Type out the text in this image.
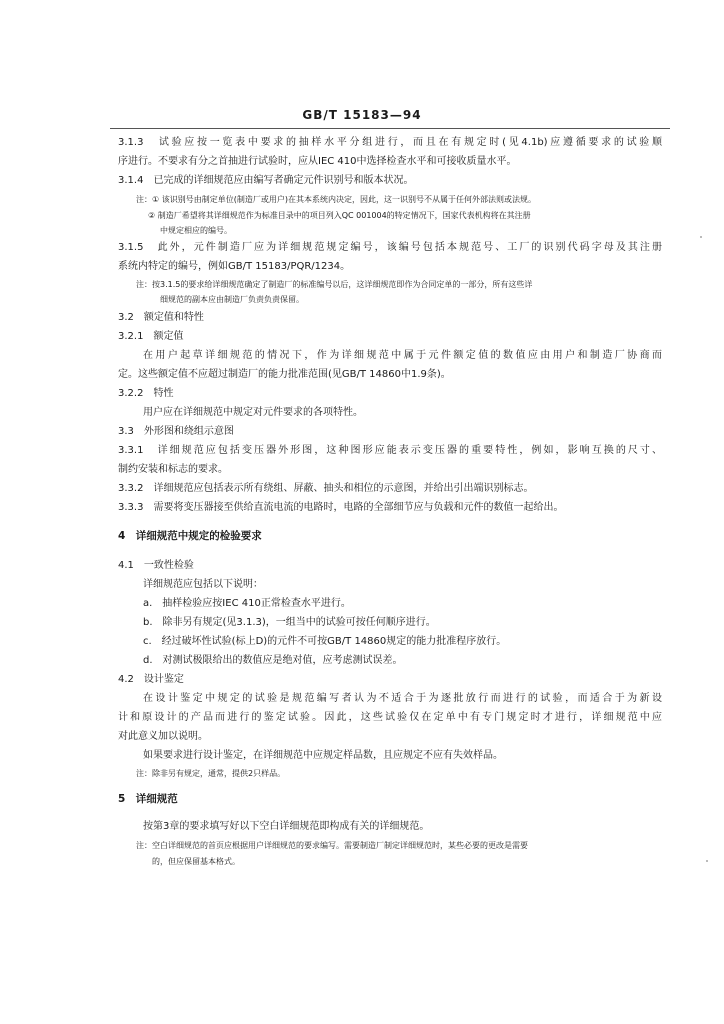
GB/T 15183—94
3.1.3　试验应按一览表中要求的抽样水平分组进行，而且在有规定时(见4.1b)应遵循要求的试验顺
序进行。不要求有分之首抽进行试验时，应从IEC 410中选择检查水平和可接收质量水平。
3.1.4　已完成的详细规范应由编写者确定元件识别号和版本状况。
注：① 该识别号由制定单位(制造厂或用户)在其本系统内决定，因此，这一识别号不从属于任何外部法则或法规。
② 制造厂希望将其详细规范作为标准目录中的项目列入QC 001004的特定情况下，国家代表机构将在其注册
中规定相应的编号。
3.1.5　此外，元件制造厂应为详细规范规定编号，该编号包括本规范号、工厂的识别代码字母及其注册
系统内特定的编号，例如GB/T 15183/PQR/1234。
注：按3.1.5的要求给详细规范确定了制造厂的标准编号以后，这详细规范即作为合同定单的一部分，所有这些详
细规范的副本应由制造厂负责负责保留。
3.2　额定值和特性
3.2.1　额定值
在用户起草详细规范的情况下，作为详细规范中属于元件额定值的数值应由用户和制造厂协商而
定。这些额定值不应超过制造厂的能力批准范围(见GB/T 14860中1.9条)。
3.2.2　特性
用户应在详细规范中规定对元件要求的各项特性。
3.3　外形图和绕组示意图
3.3.1　详细规范应包括变压器外形图，这种图形应能表示变压器的重要特性，例如，影响互换的尺寸、
制约安装和标志的要求。
3.3.2　详细规范应包括表示所有绕组、屏蔽、抽头和相位的示意图，并给出引出端识别标志。
3.3.3　需要将变压器接至供给直流电流的电路时，电路的全部细节应与负载和元件的数值一起给出。
4　详细规范中规定的检验要求
4.1　一致性检验
详细规范应包括以下说明：
a.　抽样检验应按IEC 410正常检查水平进行。
b.　除非另有规定(见3.1.3)，一组当中的试验可按任何顺序进行。
c.　经过破坏性试验(标上D)的元件不可按GB/T 14860规定的能力批准程序放行。
d.　对测试极限给出的数值应是绝对值，应考虑测试误差。
4.2　设计鉴定
在设计鉴定中规定的试验是规范编写者认为不适合于为逐批放行而进行的试验，而适合于为新设
计和原设计的产品而进行的鉴定试验。因此，这些试验仅在定单中有专门规定时才进行，详细规范中应
对此意义加以说明。
如果要求进行设计鉴定，在详细规范中应规定样品数，且应规定不应有失效样品。
注：除非另有规定，通常，提供2只样品。
5　详细规范
按第3章的要求填写好以下空白详细规范即构成有关的详细规范。
注：空白详细规范的首页应根据用户详细规范的要求编写。需要制造厂制定详细规范时，某些必要的更改是需要
的，但应保留基本格式。
